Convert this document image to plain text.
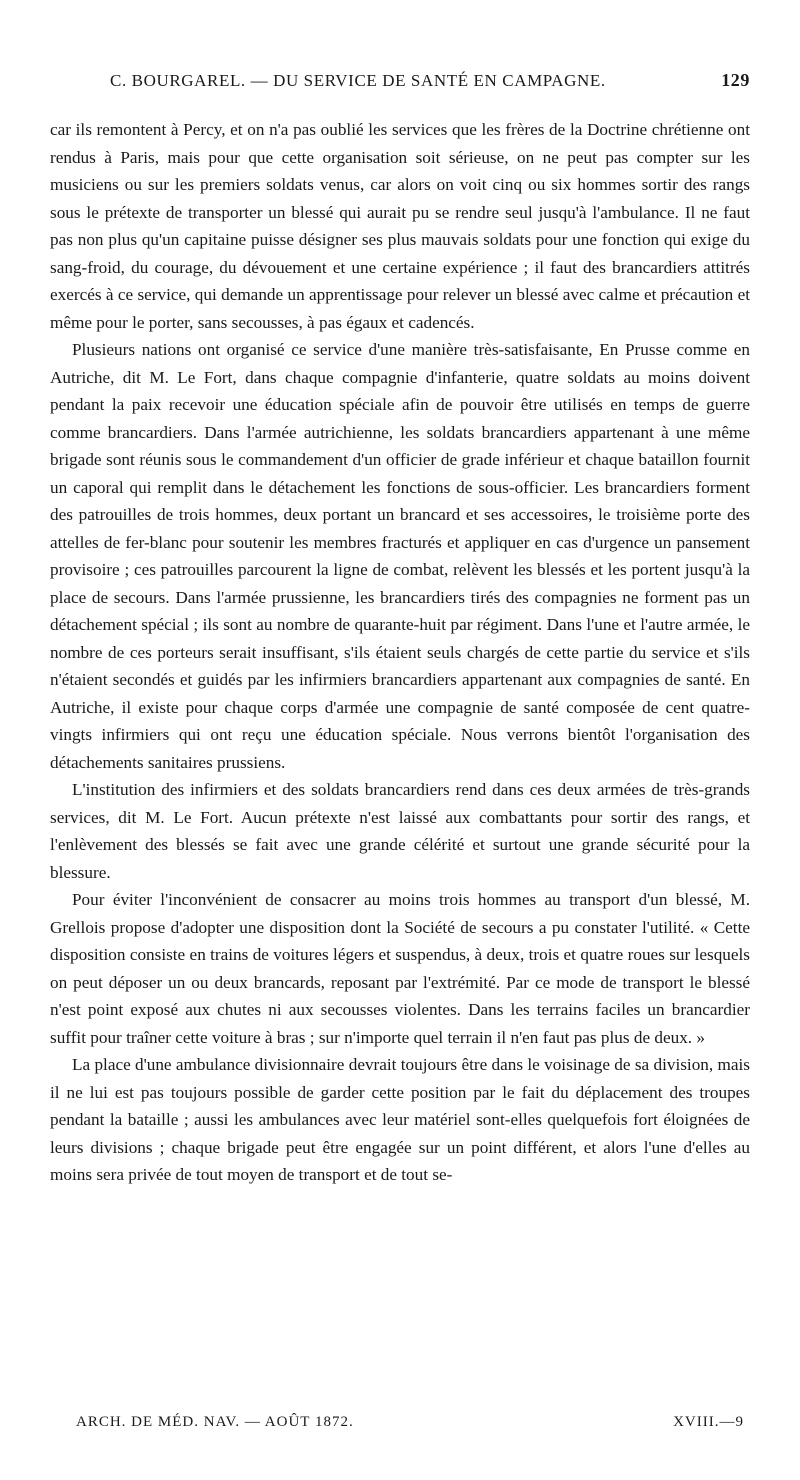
C. BOURGAREL. — DU SERVICE DE SANTÉ EN CAMPAGNE.	129

car ils remontent à Percy, et on n'a pas oublié les services que les frères de la Doctrine chrétienne ont rendus à Paris, mais pour que cette organisation soit sérieuse, on ne peut pas compter sur les musiciens ou sur les premiers soldats venus, car alors on voit cinq ou six hommes sortir des rangs sous le prétexte de transporter un blessé qui aurait pu se rendre seul jusqu'à l'ambulance. Il ne faut pas non plus qu'un capitaine puisse désigner ses plus mauvais soldats pour une fonction qui exige du sang-froid, du courage, du dévouement et une certaine expérience ; il faut des brancardiers attitrés exercés à ce service, qui demande un apprentissage pour relever un blessé avec calme et précaution et même pour le porter, sans secousses, à pas égaux et cadencés.

Plusieurs nations ont organisé ce service d'une manière très-satisfaisante, En Prusse comme en Autriche, dit M. Le Fort, dans chaque compagnie d'infanterie, quatre soldats au moins doivent pendant la paix recevoir une éducation spéciale afin de pouvoir être utilisés en temps de guerre comme brancardiers. Dans l'armée autrichienne, les soldats brancardiers appartenant à une même brigade sont réunis sous le commandement d'un officier de grade inférieur et chaque bataillon fournit un caporal qui remplit dans le détachement les fonctions de sous-officier. Les brancardiers forment des patrouilles de trois hommes, deux portant un brancard et ses accessoires, le troisième porte des attelles de fer-blanc pour soutenir les membres fracturés et appliquer en cas d'urgence un pansement provisoire ; ces patrouilles parcourent la ligne de combat, relèvent les blessés et les portent jusqu'à la place de secours. Dans l'armée prussienne, les brancardiers tirés des compagnies ne forment pas un détachement spécial ; ils sont au nombre de quarante-huit par régiment. Dans l'une et l'autre armée, le nombre de ces porteurs serait insuffisant, s'ils étaient seuls chargés de cette partie du service et s'ils n'étaient secondés et guidés par les infirmiers brancardiers appartenant aux compagnies de santé. En Autriche, il existe pour chaque corps d'armée une compagnie de santé composée de cent quatre-vingts infirmiers qui ont reçu une éducation spéciale. Nous verrons bientôt l'organisation des détachements sanitaires prussiens.

L'institution des infirmiers et des soldats brancardiers rend dans ces deux armées de très-grands services, dit M. Le Fort. Aucun prétexte n'est laissé aux combattants pour sortir des rangs, et l'enlèvement des blessés se fait avec une grande célérité et surtout une grande sécurité pour la blessure.

Pour éviter l'inconvénient de consacrer au moins trois hommes au transport d'un blessé, M. Grellois propose d'adopter une disposition dont la Société de secours a pu constater l'utilité. « Cette disposition consiste en trains de voitures légers et suspendus, à deux, trois et quatre roues sur lesquels on peut déposer un ou deux brancards, reposant par l'extrémité. Par ce mode de transport le blessé n'est point exposé aux chutes ni aux secousses violentes. Dans les terrains faciles un brancardier suffit pour traîner cette voiture à bras ; sur n'importe quel terrain il n'en faut pas plus de deux. »

La place d'une ambulance divisionnaire devrait toujours être dans le voisinage de sa division, mais il ne lui est pas toujours possible de garder cette position par le fait du déplacement des troupes pendant la bataille ; aussi les ambulances avec leur matériel sont-elles quelquefois fort éloignées de leurs divisions ; chaque brigade peut être engagée sur un point différent, et alors l'une d'elles au moins sera privée de tout moyen de transport et de tout se-

ARCH. DE MÉD. NAV. — AOÛT 1872.	XVIII.—9
